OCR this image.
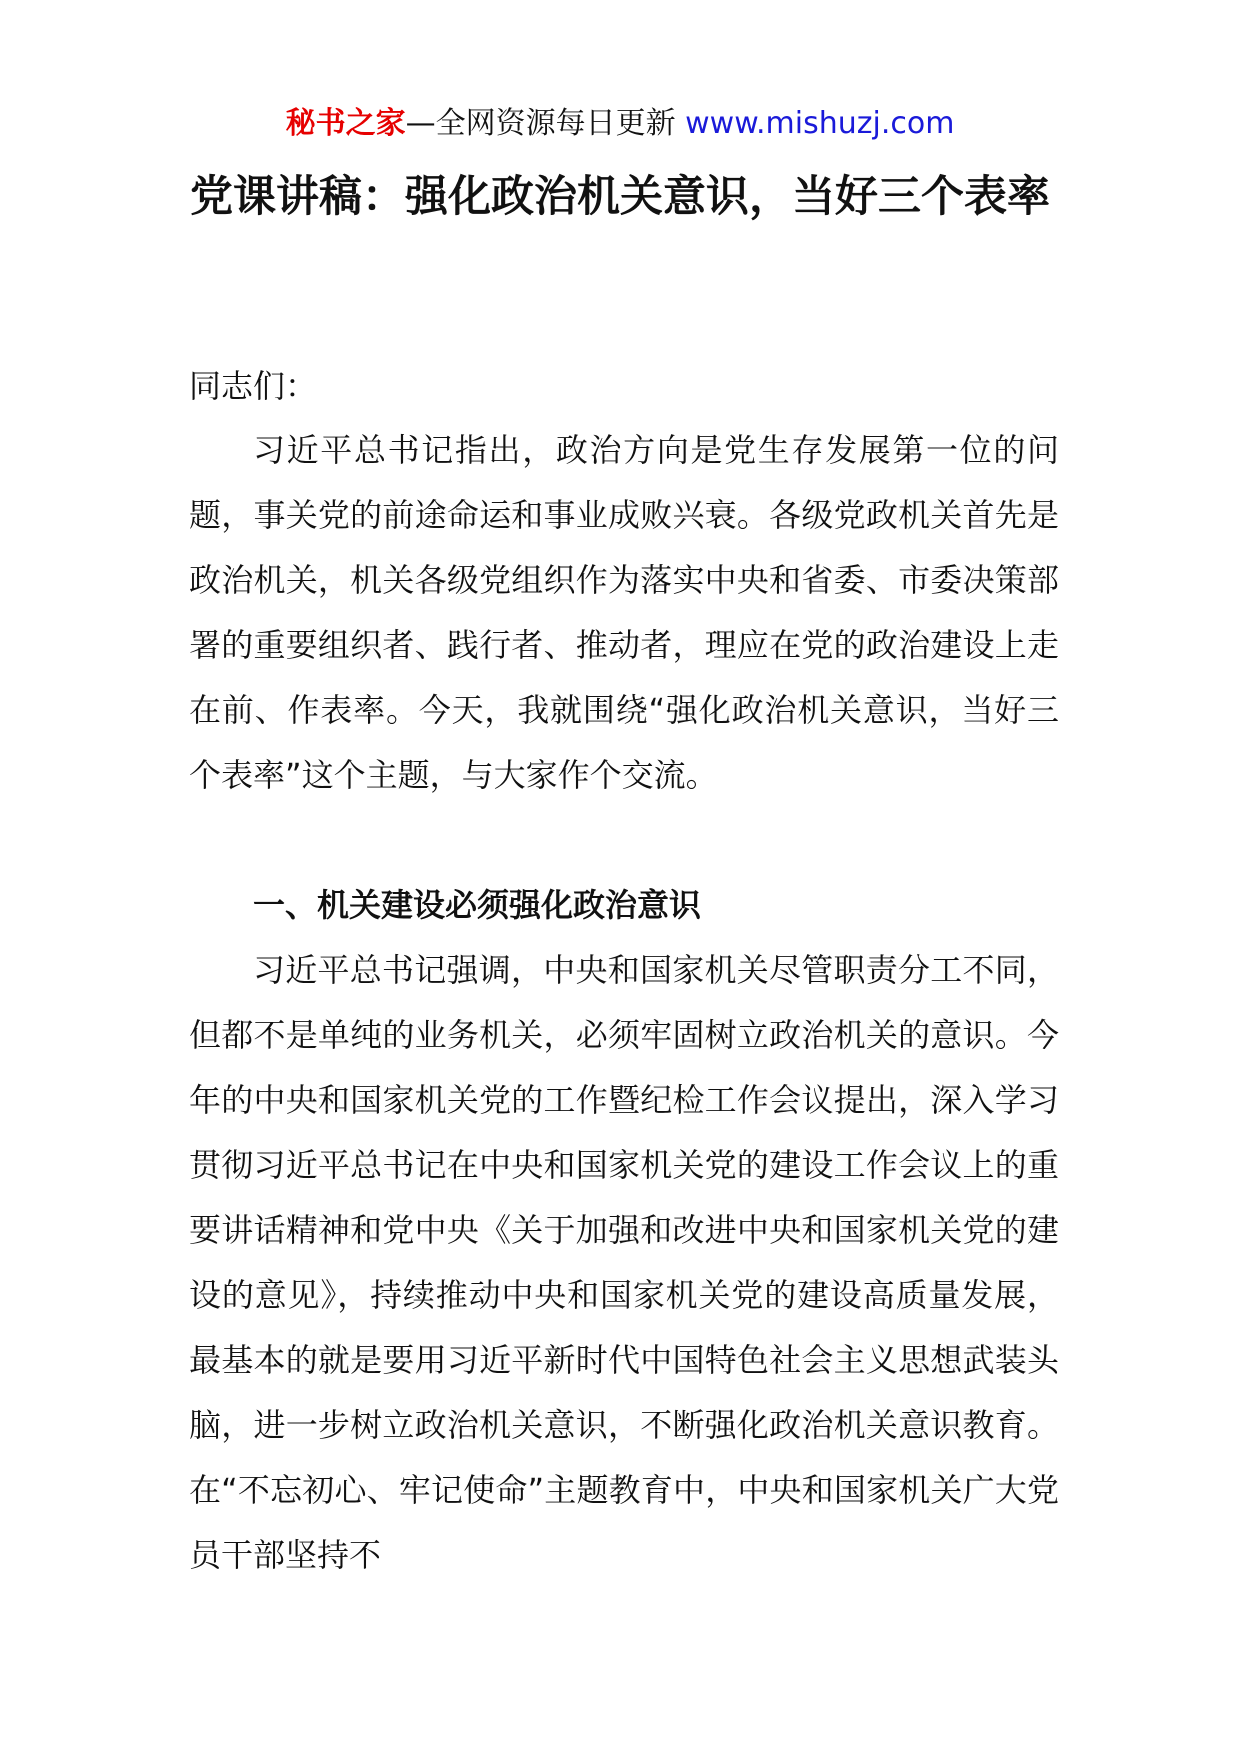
秘书之家—全网资源每日更新 www.mishuzj.com
党课讲稿：强化政治机关意识，当好三个表率
同志们：
习近平总书记指出，政治方向是党生存发展第一位的问题，事关党的前途命运和事业成败兴衰。各级党政机关首先是政治机关，机关各级党组织作为落实中央和省委、市委决策部署的重要组织者、践行者、推动者，理应在党的政治建设上走在前、作表率。今天，我就围绕“强化政治机关意识，当好三个表率”这个主题，与大家作个交流。
一、机关建设必须强化政治意识
习近平总书记强调，中央和国家机关尽管职责分工不同，但都不是单纯的业务机关，必须牢固树立政治机关的意识。今年的中央和国家机关党的工作暨纪检工作会议提出，深入学习贯彻习近平总书记在中央和国家机关党的建设工作会议上的重要讲话精神和党中央《关于加强和改进中央和国家机关党的建设的意见》，持续推动中央和国家机关党的建设高质量发展，最基本的就是要用习近平新时代中国特色社会主义思想武装头脑，进一步树立政治机关意识，不断强化政治机关意识教育。在“不忘初心、牢记使命”主题教育中，中央和国家机关广大党员干部坚持不
